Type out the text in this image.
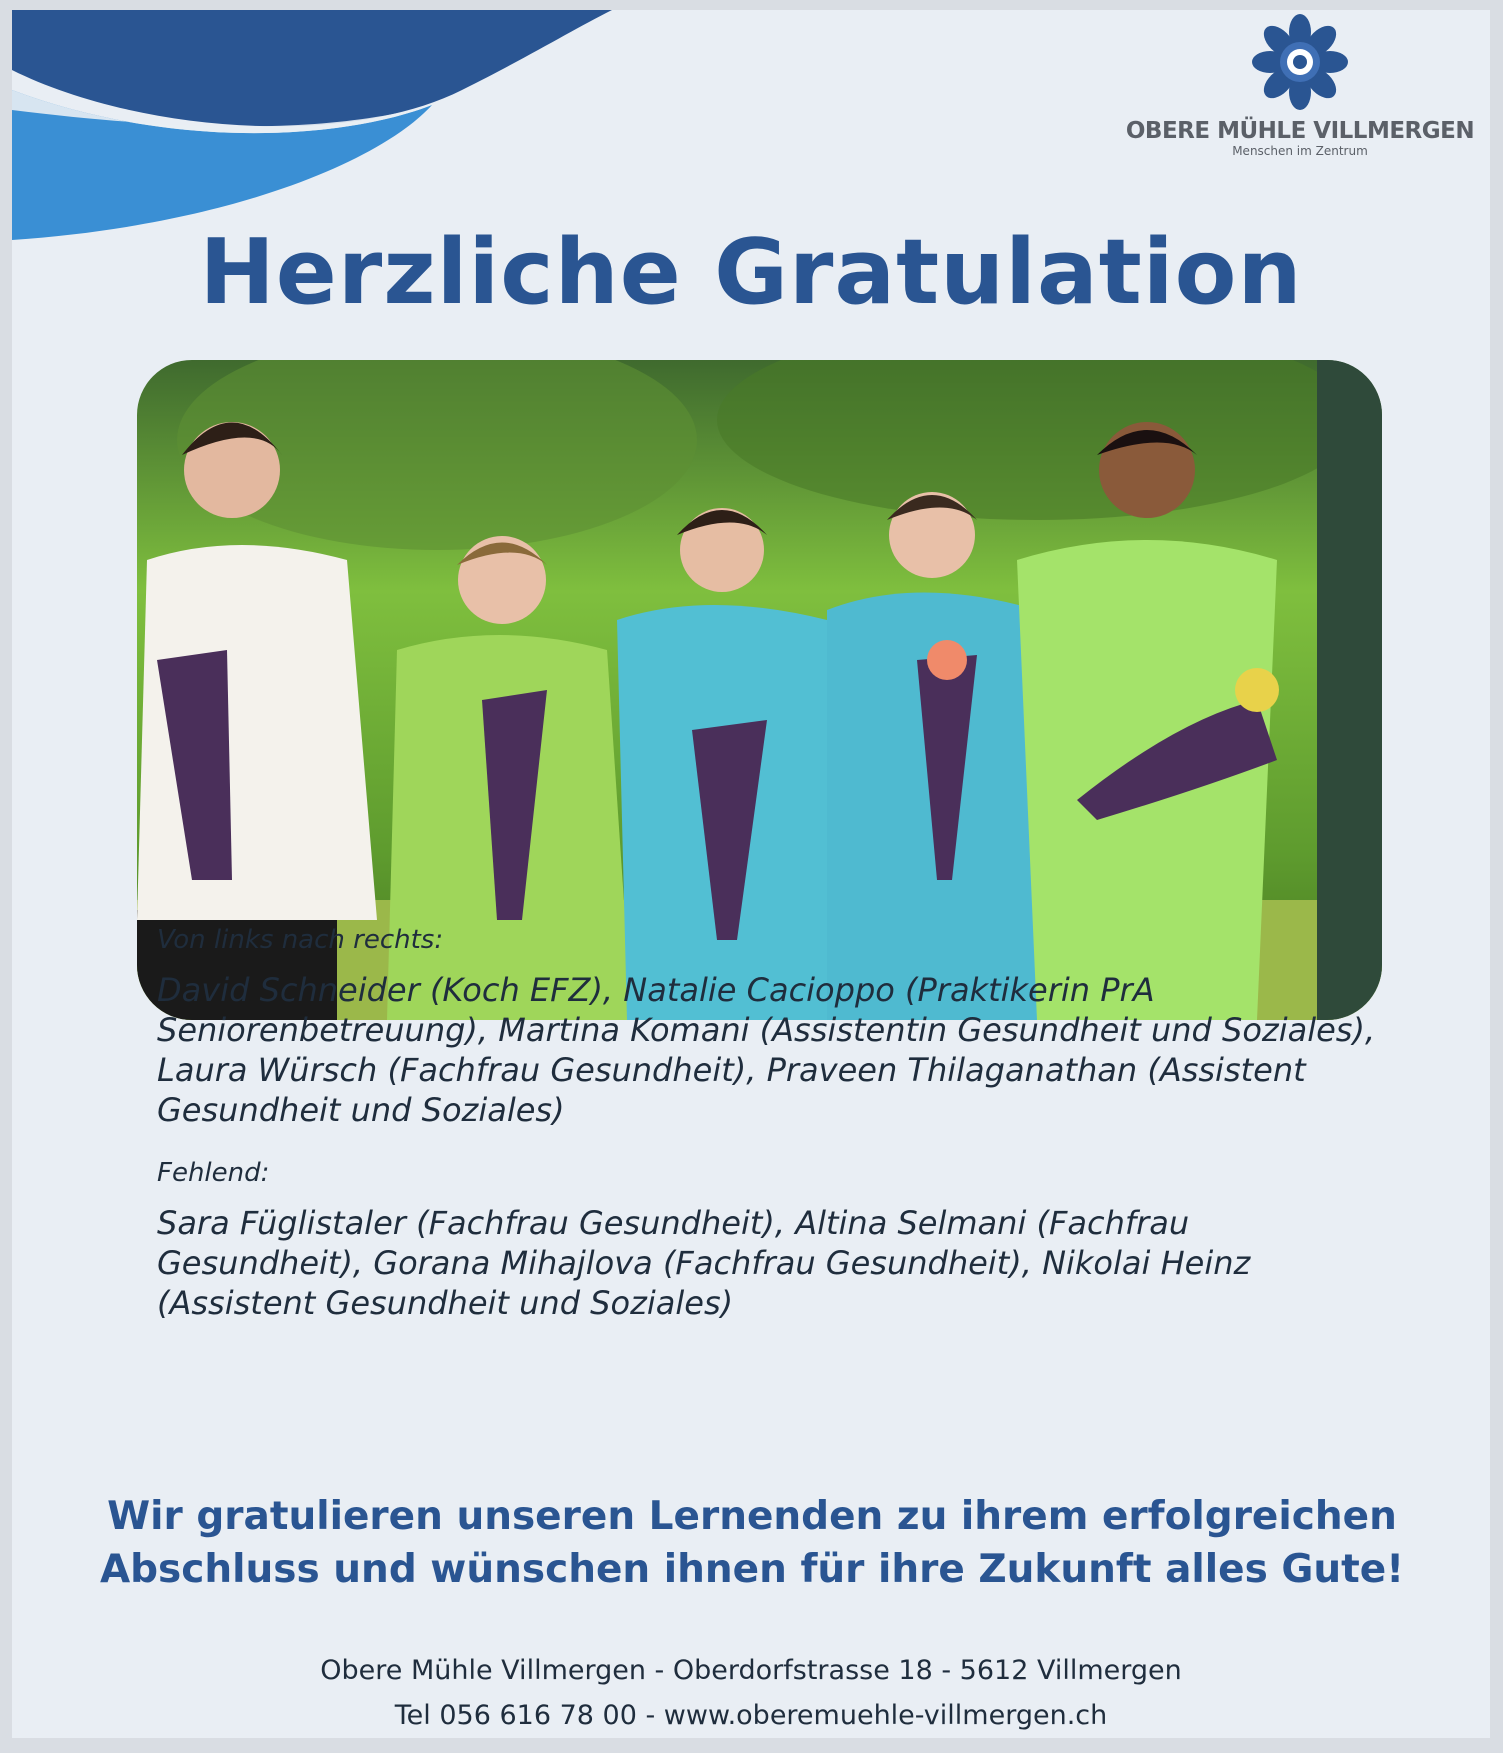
OBERE MÜHLE VILLMERGEN
Menschen im Zentrum
Herzliche Gratulation
Von links nach rechts:
David Schneider (Koch EFZ), Natalie Cacioppo (Praktikerin PrA Seniorenbetreuung), Martina Komani (Assistentin Gesundheit und Soziales), Laura Würsch (Fachfrau Gesundheit), Praveen Thilaganathan (Assistent Gesundheit und Soziales)
Fehlend:
Sara Füglistaler (Fachfrau Gesundheit), Altina Selmani (Fachfrau Gesundheit), Gorana Mihajlova (Fachfrau Gesundheit), Nikolai Heinz (Assistent Gesundheit und Soziales)
Wir gratulieren unseren Lernenden zu ihrem erfolgreichen Abschluss und wünschen ihnen für ihre Zukunft alles Gute!
Obere Mühle Villmergen - Oberdorfstrasse 18 - 5612 Villmergen
Tel 056 616 78 00 - www.oberemuehle-villmergen.ch
